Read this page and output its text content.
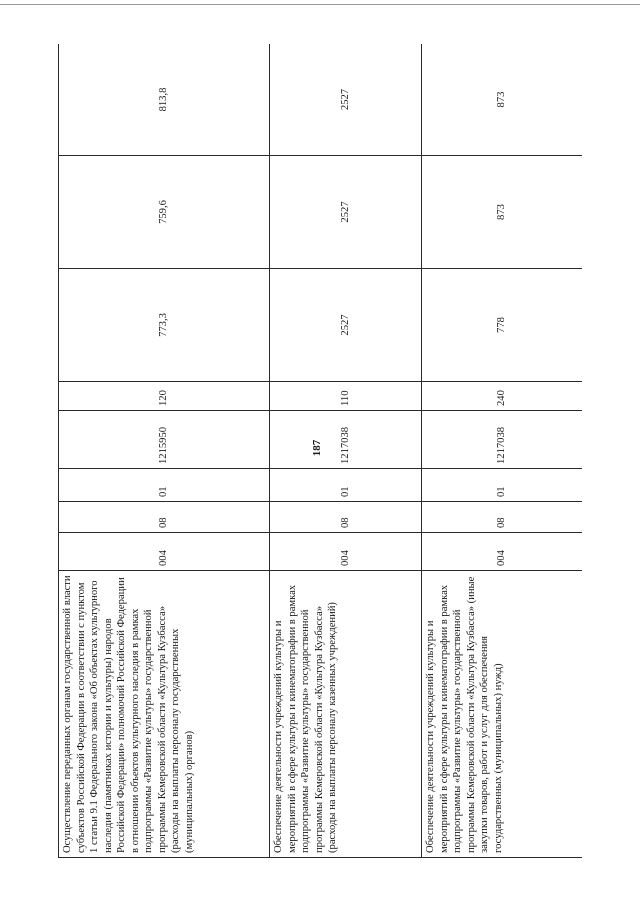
187
Осуществление переданных органам государственной власти субъектов Российской Федерации в соответствии с пунктом 1 статьи 9.1 Федерального закона «Об объектах культурного наследия (памятниках истории и культуры) народов Российской Федерации» полномочий Российской Федерации в отношении объектов культурного наследия в рамках подпрограммы «Развитие культуры» государственной программы Кемеровской области «Культура Кузбасса» (расходы на выплаты персоналу государственных (муниципальных) органов)	004	08	01	1215950	120	773,3	759,6	813,8
Обеспечение деятельности учреждений культуры и мероприятий в сфере культуры и кинематографии в рамках подпрограммы «Развитие культуры» государственной программы Кемеровской области «Культура Кузбасса» (расходы на выплаты персоналу казенных учреждений)	004	08	01	1217038	110	2527	2527	2527
Обеспечение деятельности учреждений культуры и мероприятий в сфере культуры и кинематографии в рамках подпрограммы «Развитие культуры» государственной программы Кемеровской области «Культура Кузбасса» (иные закупки товаров, работ и услуг для обеспечения государственных (муниципальных) нужд)	004	08	01	1217038	240	778	873	873
